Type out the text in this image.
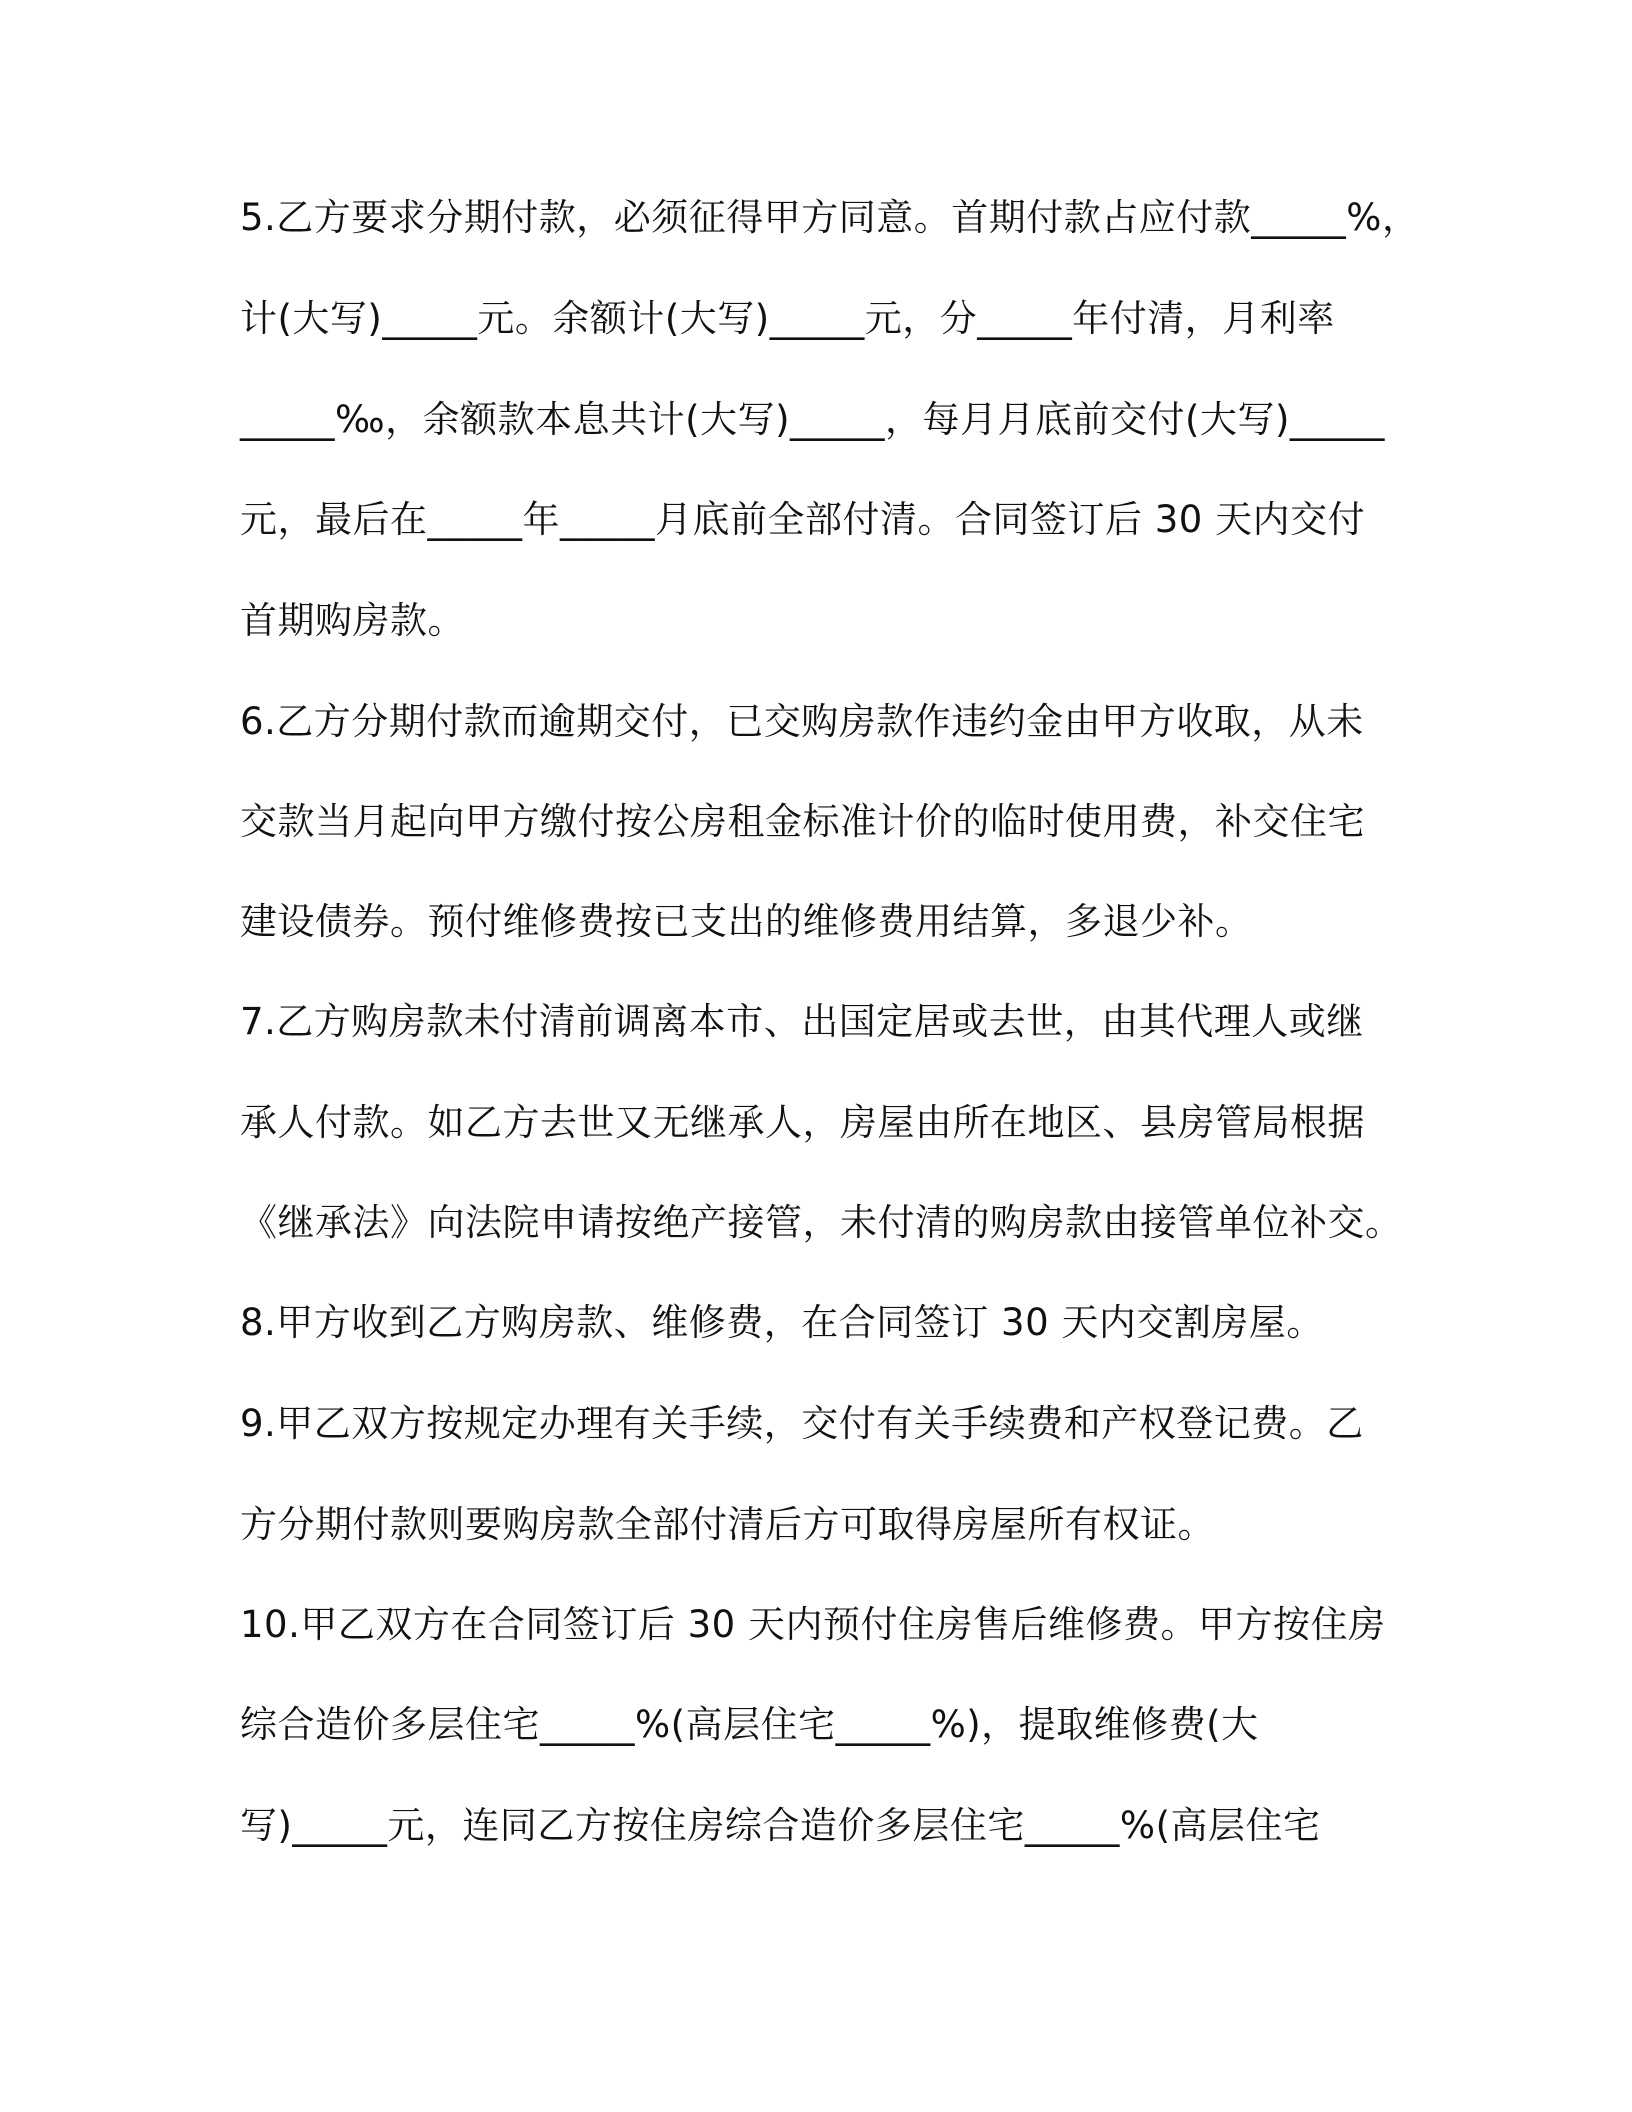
5.乙方要求分期付款，必须征得甲方同意。首期付款占应付款_____%，
计(大写)_____元。余额计(大写)_____元，分_____年付清，月利率
_____‰，余额款本息共计(大写)_____，每月月底前交付(大写)_____
元，最后在_____年_____月底前全部付清。合同签订后 30 天内交付
首期购房款。
6.乙方分期付款而逾期交付，已交购房款作违约金由甲方收取，从未
交款当月起向甲方缴付按公房租金标准计价的临时使用费，补交住宅
建设债券。预付维修费按已支出的维修费用结算，多退少补。
7.乙方购房款未付清前调离本市、出国定居或去世，由其代理人或继
承人付款。如乙方去世又无继承人，房屋由所在地区、县房管局根据
《继承法》向法院申请按绝产接管，未付清的购房款由接管单位补交。
8.甲方收到乙方购房款、维修费，在合同签订 30 天内交割房屋。
9.甲乙双方按规定办理有关手续，交付有关手续费和产权登记费。乙
方分期付款则要购房款全部付清后方可取得房屋所有权证。
10.甲乙双方在合同签订后 30 天内预付住房售后维修费。甲方按住房
综合造价多层住宅_____%(高层住宅_____%)，提取维修费(大
写)_____元，连同乙方按住房综合造价多层住宅_____%(高层住宅
